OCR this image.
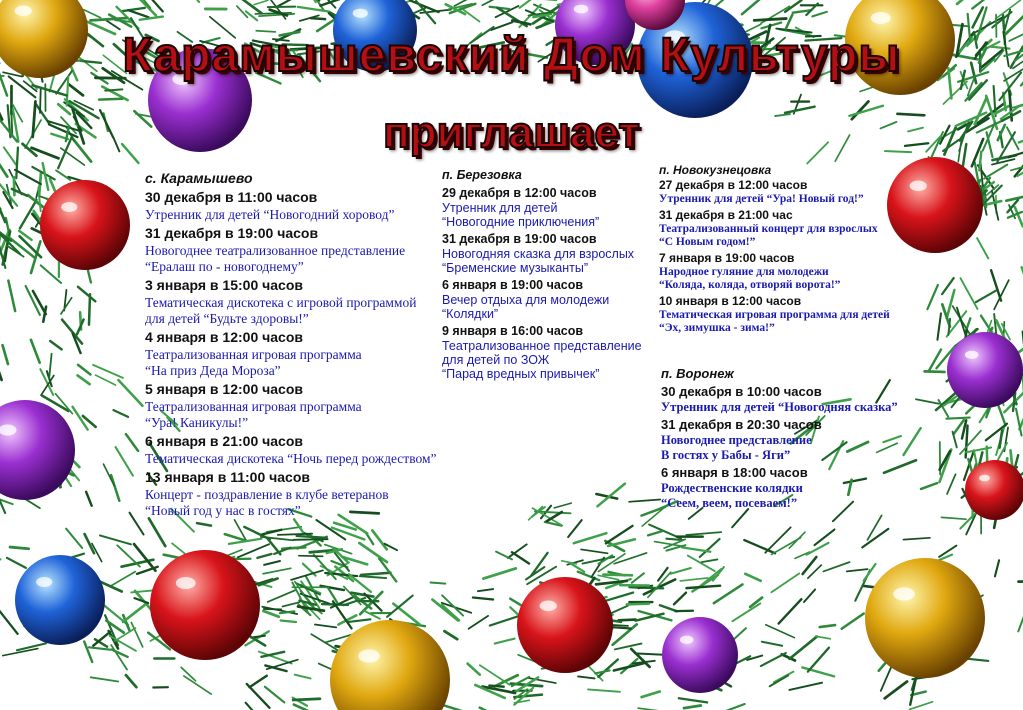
Карамышевский Дом Культуры
приглашает
с. Карамышево
30 декабря в 11:00 часов
Утренник для детей “Новогодний хоровод”
31 декабря в 19:00 часов
Новогоднее театрализованное представление
“Ералаш по - новогоднему”
3 января в 15:00 часов
Тематическая дискотека с игровой программой
для детей “Будьте здоровы!”
4 января в 12:00 часов
Театрализованная игровая программа
“На приз Деда Мороза”
5 января в 12:00 часов
Театрализованная игровая программа
“Ура! Каникулы!”
6 января в 21:00 часов
Тематическая дискотека “Ночь перед рождеством”
13 января в 11:00 часов
Концерт - поздравление в клубе ветеранов
“Новый год у нас в гостях”
п. Березовка
29 декабря в 12:00 часов
Утренник для детей
“Новогодние приключения”
31 декабря в 19:00 часов
Новогодняя сказка для взрослых
“Бременские музыканты”
6 января в 19:00 часов
Вечер отдыха для молодежи
“Колядки”
9 января в 16:00 часов
Театрализованное представление
для детей по ЗОЖ
“Парад вредных привычек”
п. Новокузнецовка
27 декабря в 12:00 часов
Утренник для детей “Ура! Новый год!”
31 декабря в 21:00 час
Театрализованный концерт для взрослых
“С Новым годом!”
7 января в 19:00 часов
Народное гуляние для молодежи
“Коляда, коляда, отворяй ворота!”
10 января в 12:00 часов
Тематическая игровая программа для детей
“Эх, зимушка - зима!”
п. Воронеж
30 декабря в 10:00 часов
Утренник для детей “Новогодняя сказка”
31 декабря в 20:30 часов
Новогоднее представление
В гостях у Бабы - Яги”
6 января в 18:00 часов
Рождественские колядки
“Сеем, веем, посеваем!”
